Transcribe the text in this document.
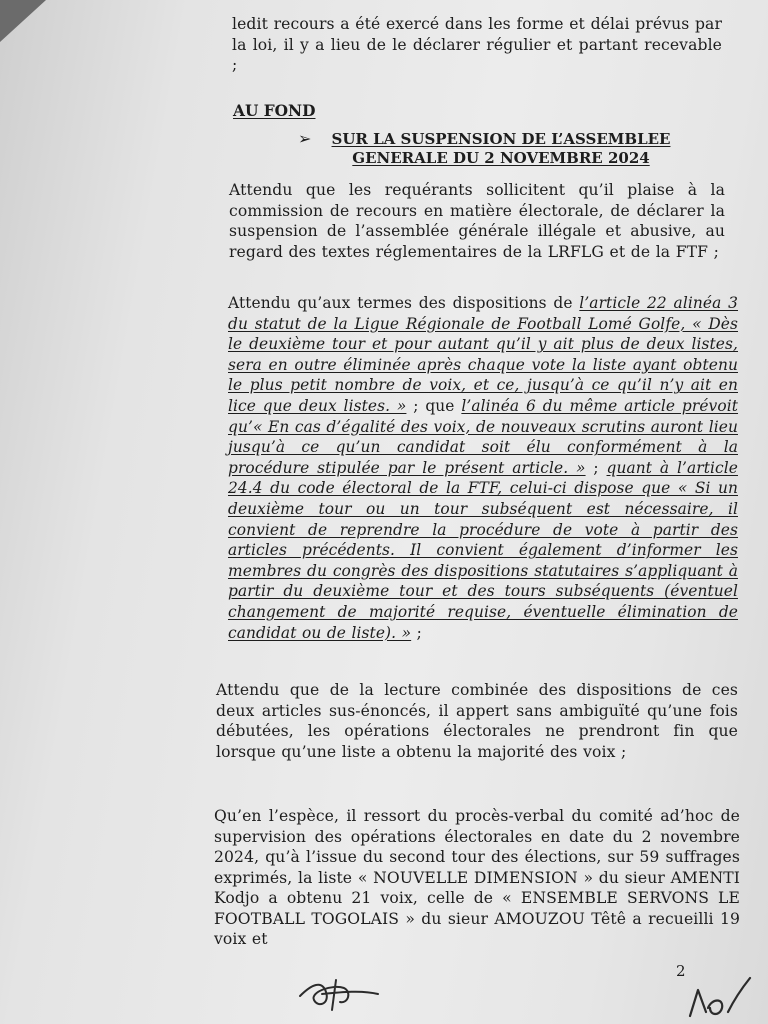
ledit recours a été exercé dans les forme et délai prévus par la loi, il y a lieu de le déclarer régulier et partant recevable ;

AU FOND
➢	SUR LA SUSPENSION DE L’ASSEMBLEE
GENERALE DU 2 NOVEMBRE 2024

Attendu que les requérants sollicitent qu’il plaise à la commission de recours en matière électorale, de déclarer la suspension de l’assemblée générale illégale et abusive, au regard des textes réglementaires de la LRFLG et de la FTF ;

Attendu qu’aux termes des dispositions de l’article 22 alinéa 3 du statut de la Ligue Régionale de Football Lomé Golfe, « Dès le deuxième tour et pour autant qu’il y ait plus de deux listes, sera en outre éliminée après chaque vote la liste ayant obtenu le plus petit nombre de voix, et ce, jusqu’à ce qu’il n’y ait en lice que deux listes. » ; que l’alinéa 6 du même article prévoit qu’« En cas d’égalité des voix, de nouveaux scrutins auront lieu jusqu’à ce qu’un candidat soit élu conformément à la procédure stipulée par le présent article. » ; quant à l’article 24.4 du code électoral de la FTF, celui-ci dispose que « Si un deuxième tour ou un tour subséquent est nécessaire, il convient de reprendre la procédure de vote à partir des articles précédents. Il convient également d’informer les membres du congrès des dispositions statutaires s’appliquant à partir du deuxième tour et des tours subséquents (éventuel changement de majorité requise, éventuelle élimination de candidat ou de liste). » ;

Attendu que de la lecture combinée des dispositions de ces deux articles sus-énoncés, il appert sans ambiguïté qu’une fois débutées, les opérations électorales ne prendront fin que lorsque qu’une liste a obtenu la majorité des voix ;

Qu’en l’espèce, il ressort du procès-verbal du comité ad’hoc de supervision des opérations électorales en date du 2 novembre 2024, qu’à l’issue du second tour des élections, sur 59 suffrages exprimés, la liste « NOUVELLE DIMENSION » du sieur AMENTI Kodjo a obtenu 21 voix, celle de « ENSEMBLE SERVONS LE FOOTBALL TOGOLAIS » du sieur AMOUZOU Têtê a recueilli 19 voix et

2
